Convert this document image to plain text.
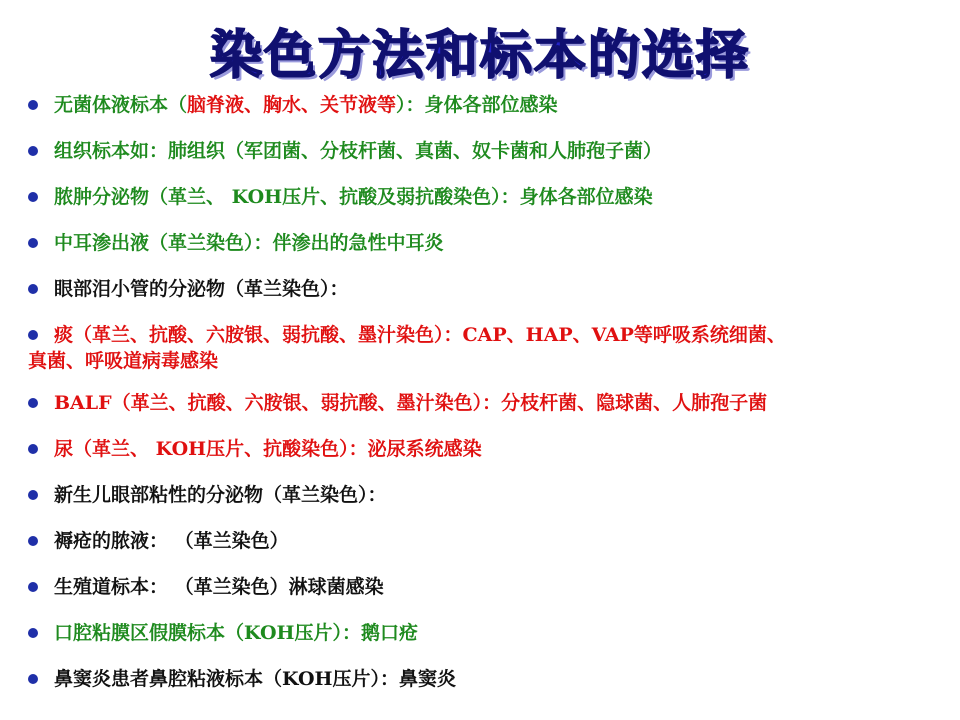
染色方法和标本的选择
无菌体液标本（脑脊液、胸水、关节液等）：身体各部位感染
组织标本如：肺组织（军团菌、分枝杆菌、真菌、奴卡菌和人肺孢子菌）
脓肿分泌物（革兰、 KOH压片、抗酸及弱抗酸染色）：身体各部位感染
中耳渗出液（革兰染色）：伴渗出的急性中耳炎
眼部泪小管的分泌物（革兰染色）：
痰（革兰、抗酸、六胺银、弱抗酸、墨汁染色）：CAP、HAP、VAP等呼吸系统细菌、
真菌、呼吸道病毒感染
BALF（革兰、抗酸、六胺银、弱抗酸、墨汁染色）：分枝杆菌、隐球菌、人肺孢子菌
尿（革兰、 KOH压片、抗酸染色）：泌尿系统感染
新生儿眼部粘性的分泌物（革兰染色）：
褥疮的脓液： （革兰染色）
生殖道标本： （革兰染色）淋球菌感染
口腔粘膜区假膜标本（KOH压片）：鹅口疮
鼻窦炎患者鼻腔粘液标本（KOH压片）：鼻窦炎
